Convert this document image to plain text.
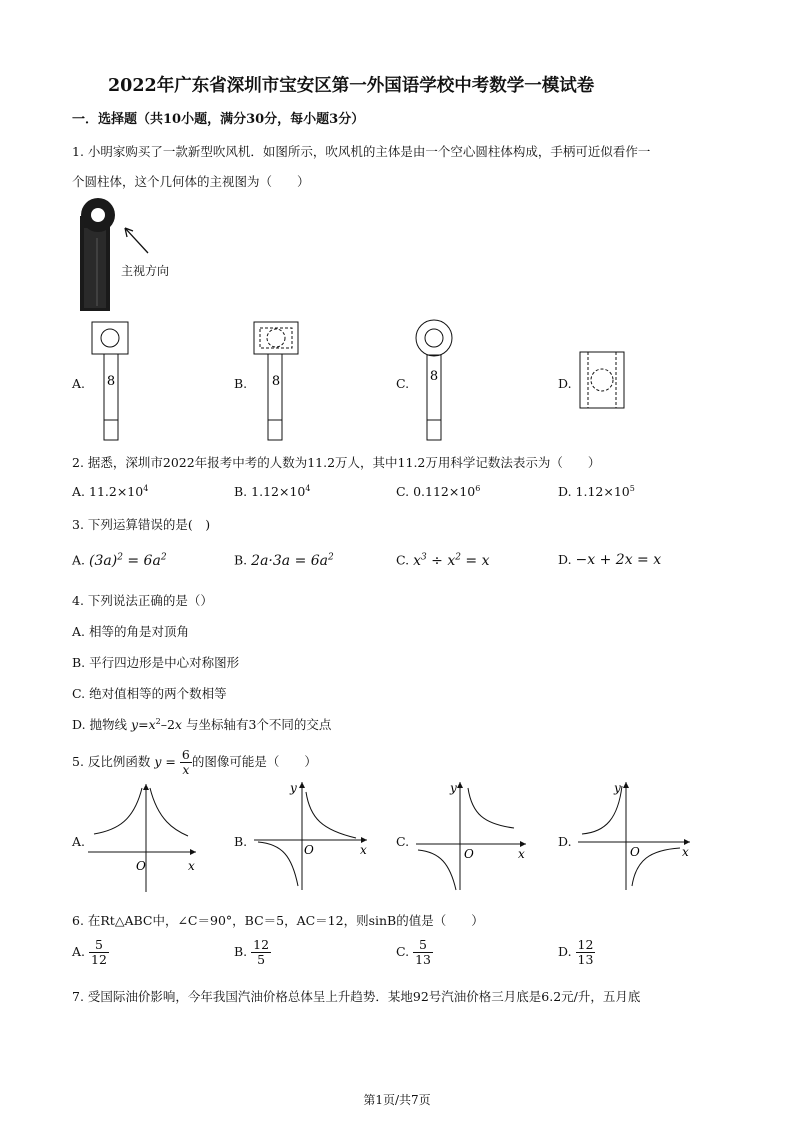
2022年广东省深圳市宝安区第一外国语学校中考数学一模试卷
一．选择题（共10小题，满分30分，每小题3分）
1. 小明家购买了一款新型吹风机．如图所示，吹风机的主体是由一个空心圆柱体构成，手柄可近似看作一
个圆柱体，这个几何体的主视图为（　　）
主视方向
A. 8	B. 8	C. 8	D.
2. 据悉，深圳市2022年报考中考的人数为11.2万人，其中11.2万用科学记数法表示为（　　）
A. $11.2\times 10^4$	B. $1.12\times 10^4$	C. $0.112\times 10^6$	D. $1.12\times 10^5$
3. 下列运算错误的是(　)
A. $(3a)^2 = 6a^2$	B. $2a\cdot 3a = 6a^2$	C. $x^3 \div x^2 = x$	D. −x + 2x = x
4. 下列说法正确的是（）
A. 相等的角是对顶角
B. 平行四边形是中心对称图形
C. 绝对值相等的两个数相等
D. 抛物线 $y=x^2-2x$ 与坐标轴有3个不同的交点
5. 反比例函数 $y = \frac{6}{x}$ 的图像可能是（　　）
A.
O	x
B.
y
O	x
C.
y
O	x
D.
y
O	x
6. 在Rt△ABC中，∠C＝90°，BC＝5，AC＝12，则sinB的值是（　　）
A. $\frac{5}{12}$	B. $\frac{12}{5}$	C. $\frac{5}{13}$	D. $\frac{12}{13}$
7. 受国际油价影响，今年我国汽油价格总体呈上升趋势．某地92号汽油价格三月底是6.2元/升，五月底
第1页/共7页
